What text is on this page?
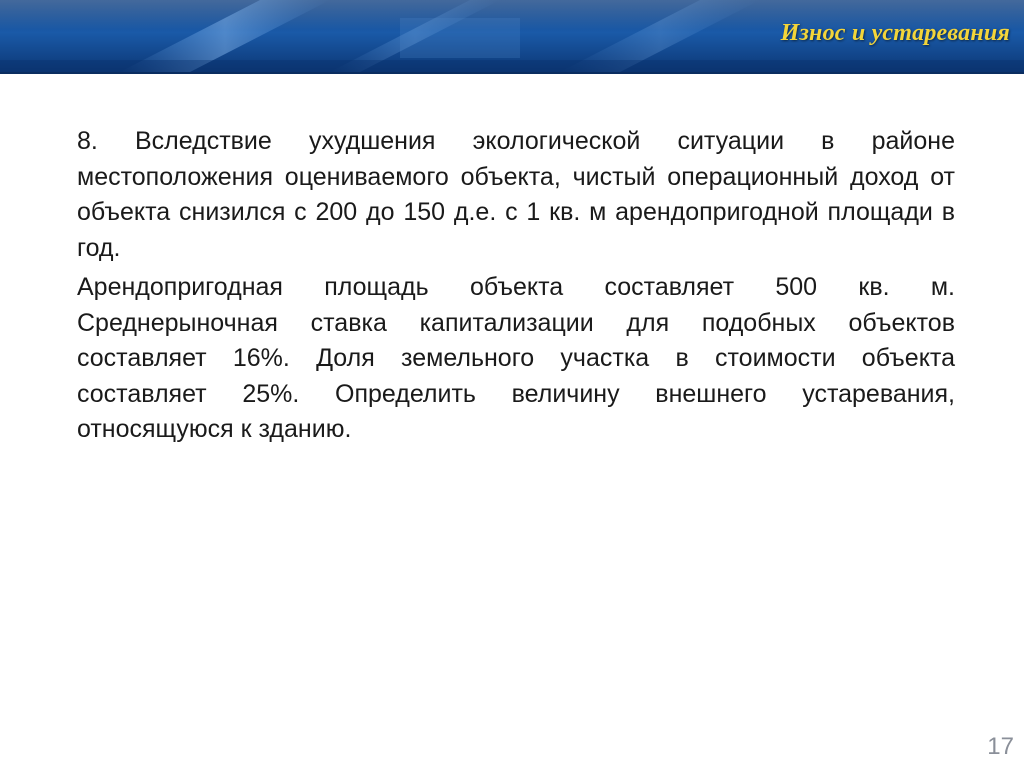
Износ и устаревания

8. Вследствие ухудшения экологической ситуации в районе местоположения оцениваемого объекта, чистый операционный доход от объекта снизился с 200 до 150 д.е. с 1 кв. м арендопригодной площади в год.

Арендопригодная площадь объекта составляет 500 кв. м. Среднерыночная ставка капитализации для подобных объектов составляет 16%. Доля земельного участка в стоимости объекта составляет 25%. Определить величину внешнего устаревания, относящуюся к зданию.

17
